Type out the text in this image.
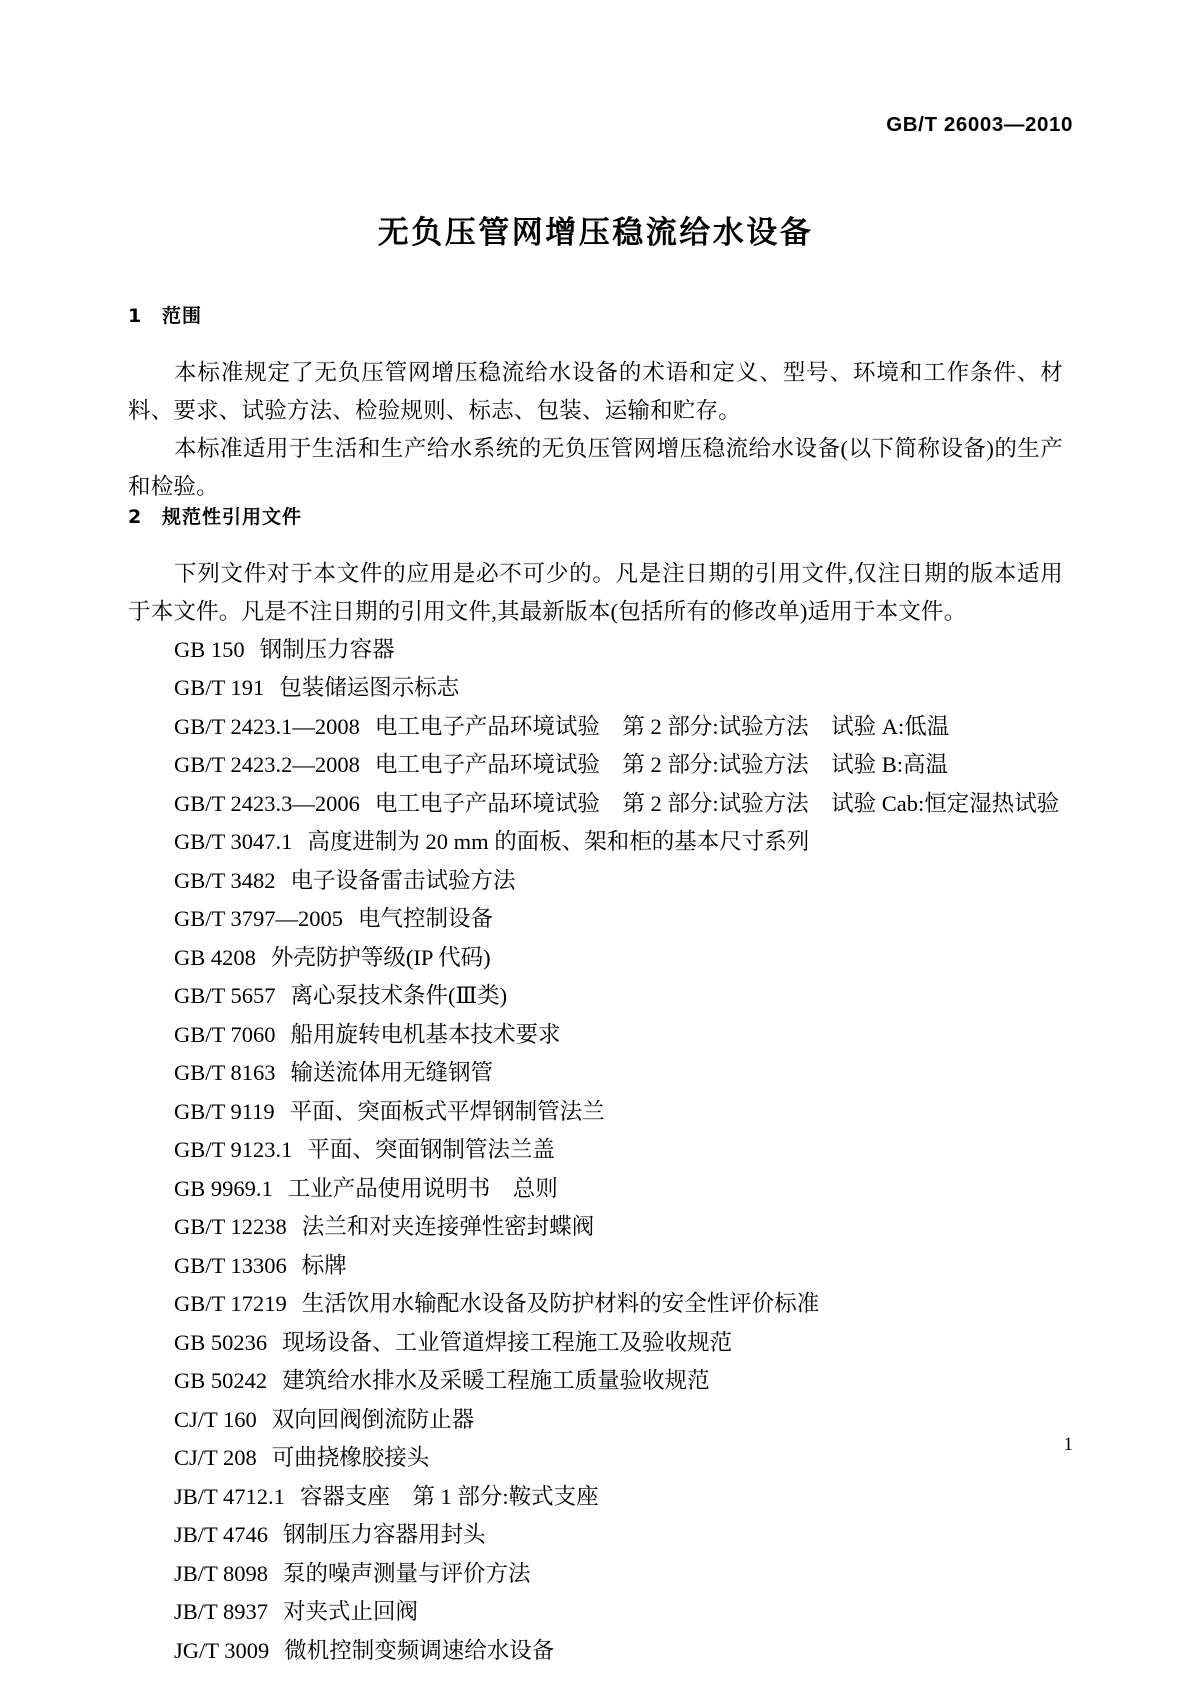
GB/T 26003—2010
无负压管网增压稳流给水设备
1 范围

本标准规定了无负压管网增压稳流给水设备的术语和定义、型号、环境和工作条件、材料、要求、试验方法、检验规则、标志、包装、运输和贮存。

本标准适用于生活和生产给水系统的无负压管网增压稳流给水设备(以下简称设备)的生产和检验。

2 规范性引用文件

下列文件对于本文件的应用是必不可少的。凡是注日期的引用文件,仅注日期的版本适用于本文件。凡是不注日期的引用文件,其最新版本(包括所有的修改单)适用于本文件。

GB 150 钢制压力容器
GB/T 191 包装储运图示标志
GB/T 2423.1—2008 电工电子产品环境试验　第 2 部分:试验方法　试验 A:低温
GB/T 2423.2—2008 电工电子产品环境试验　第 2 部分:试验方法　试验 B:高温
GB/T 2423.3—2006 电工电子产品环境试验　第 2 部分:试验方法　试验 Cab:恒定湿热试验
GB/T 3047.1 高度进制为 20 mm 的面板、架和柜的基本尺寸系列
GB/T 3482 电子设备雷击试验方法
GB/T 3797—2005 电气控制设备
GB 4208 外壳防护等级(IP 代码)
GB/T 5657 离心泵技术条件(Ⅲ类)
GB/T 7060 船用旋转电机基本技术要求
GB/T 8163 输送流体用无缝钢管
GB/T 9119 平面、突面板式平焊钢制管法兰
GB/T 9123.1 平面、突面钢制管法兰盖
GB 9969.1 工业产品使用说明书　总则
GB/T 12238 法兰和对夹连接弹性密封蝶阀
GB/T 13306 标牌
GB/T 17219 生活饮用水输配水设备及防护材料的安全性评价标准
GB 50236 现场设备、工业管道焊接工程施工及验收规范
GB 50242 建筑给水排水及采暖工程施工质量验收规范
CJ/T 160 双向回阀倒流防止器
CJ/T 208 可曲挠橡胶接头
JB/T 4712.1 容器支座　第 1 部分:鞍式支座
JB/T 4746 钢制压力容器用封头
JB/T 8098 泵的噪声测量与评价方法
JB/T 8937 对夹式止回阀
JG/T 3009 微机控制变频调速给水设备
1
